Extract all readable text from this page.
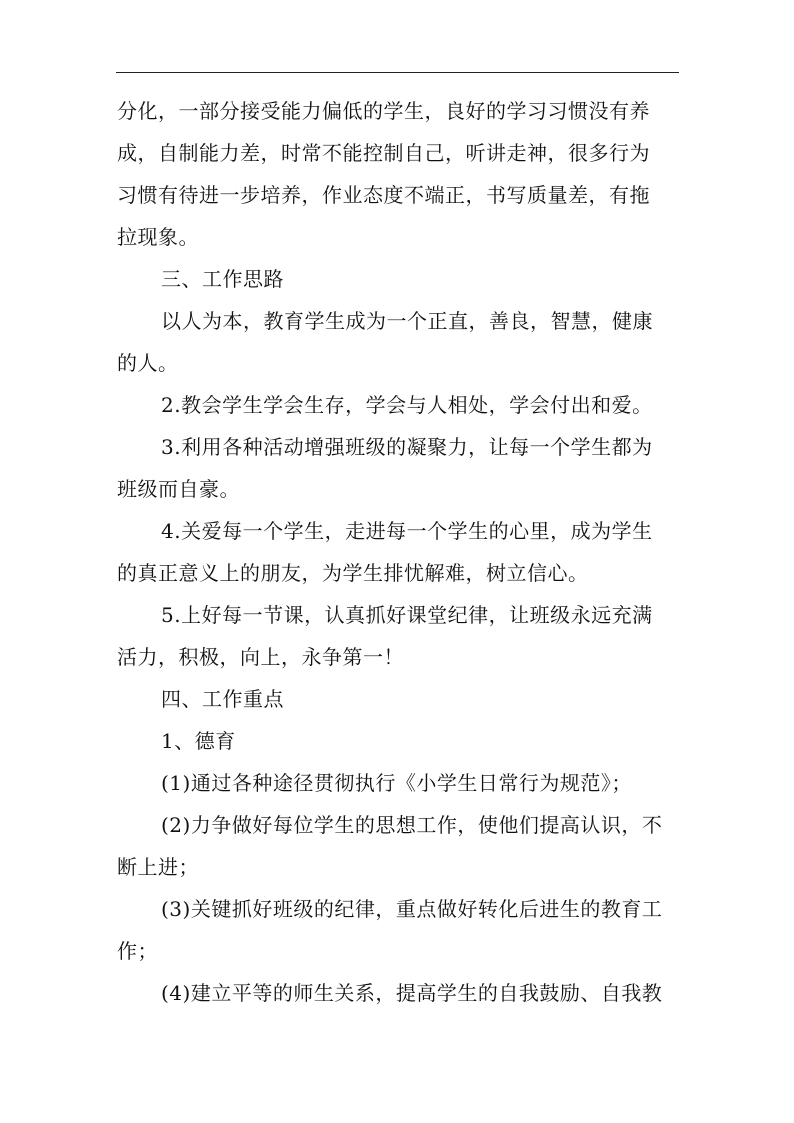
分化，一部分接受能力偏低的学生，良好的学习习惯没有养
成，自制能力差，时常不能控制自己，听讲走神，很多行为
习惯有待进一步培养，作业态度不端正，书写质量差，有拖
拉现象。

三、工作思路

以人为本，教育学生成为一个正直，善良，智慧，健康
的人。

2.教会学生学会生存，学会与人相处，学会付出和爱。

3.利用各种活动增强班级的凝聚力，让每一个学生都为
班级而自豪。

4.关爱每一个学生，走进每一个学生的心里，成为学生
的真正意义上的朋友，为学生排忧解难，树立信心。

5.上好每一节课，认真抓好课堂纪律，让班级永远充满
活力，积极，向上，永争第一！

四、工作重点

1、德育

(1)通过各种途径贯彻执行《小学生日常行为规范》；

(2)力争做好每位学生的思想工作，使他们提高认识，不
断上进；

(3)关键抓好班级的纪律，重点做好转化后进生的教育工
作；

(4)建立平等的师生关系，提高学生的自我鼓励、自我教
